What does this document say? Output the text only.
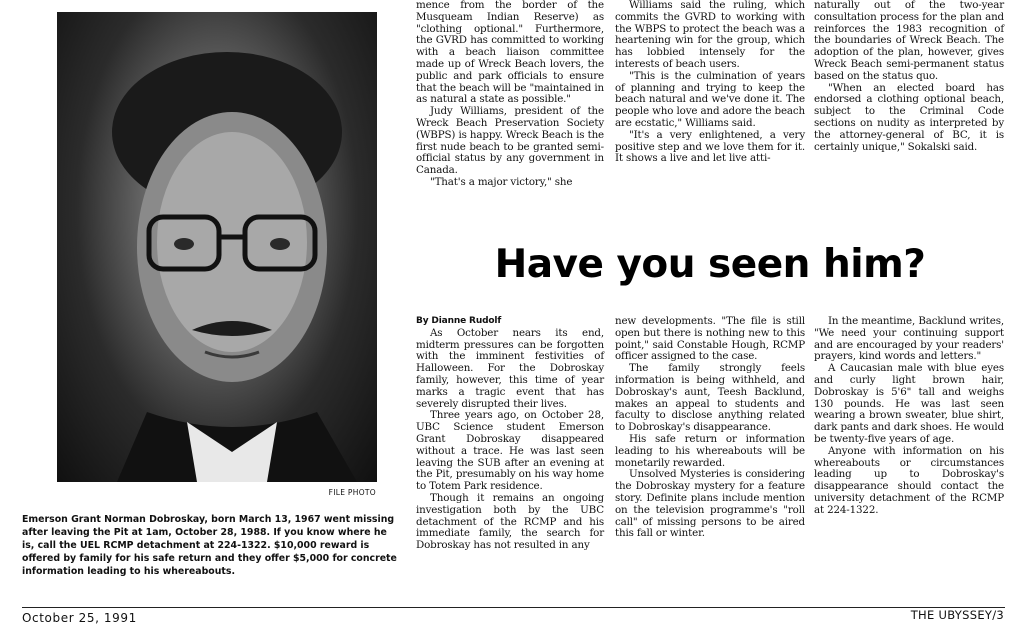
FILE PHOTO
Emerson Grant Norman Dobroskay, born March 13, 1967 went missing after leaving the Pit at 1am, October 28, 1988. If you know where he is, call the UEL RCMP detachment at 224-1322. $10,000 reward is offered by family for his safe return and they offer $5,000 for concrete information leading to his whereabouts.

mence from the border of the Musqueam Indian Reserve) as "clothing optional." Furthermore, the GVRD has committed to working with a beach liaison committee made up of Wreck Beach lovers, the public and park officials to ensure that the beach will be "maintained in as natural a state as possible."

Judy Williams, president of the Wreck Beach Preservation Society (WBPS) is happy. Wreck Beach is the first nude beach to be granted semi-official status by any government in Canada.

"That's a major victory," she

Williams said the ruling, which commits the GVRD to working with the WBPS to protect the beach was a heartening win for the group, which has lobbied intensely for the interests of beach users.

"This is the culmination of years of planning and trying to keep the beach natural and we've done it. The people who love and adore the beach are ecstatic," Williams said.

"It's a very enlightened, a very positive step and we love them for it. It shows a live and let live atti-

naturally out of the two-year consultation process for the plan and reinforces the 1983 recognition of the boundaries of Wreck Beach. The adoption of the plan, however, gives Wreck Beach semi-permanent status based on the status quo.

"When an elected board has endorsed a clothing optional beach, subject to the Criminal Code sections on nudity as interpreted by the attorney-general of BC, it is certainly unique," Sokalski said.

Have you seen him?

By Dianne Rudolf

As October nears its end, midterm pressures can be forgotten with the imminent festivities of Halloween. For the Dobroskay family, however, this time of year marks a tragic event that has severely disrupted their lives.

Three years ago, on October 28, UBC Science student Emerson Grant Dobroskay disappeared without a trace. He was last seen leaving the SUB after an evening at the Pit, presumably on his way home to Totem Park residence.

Though it remains an ongoing investigation both by the UBC detachment of the RCMP and his immediate family, the search for Dobroskay has not resulted in any

new developments. "The file is still open but there is nothing new to this point," said Constable Hough, RCMP officer assigned to the case.

The family strongly feels information is being withheld, and Dobroskay's aunt, Teesh Backlund, makes an appeal to students and faculty to disclose anything related to Dobroskay's disappearance.

His safe return or information leading to his whereabouts will be monetarily rewarded.

Unsolved Mysteries is considering the Dobroskay mystery for a feature story. Definite plans include mention on the television programme's "roll call" of missing persons to be aired this fall or winter.

In the meantime, Backlund writes, "We need your continuing support and are encouraged by your readers' prayers, kind words and letters."

A Caucasian male with blue eyes and curly light brown hair, Dobroskay is 5'6" tall and weighs 130 pounds. He was last seen wearing a brown sweater, blue shirt, dark pants and dark shoes. He would be twenty-five years of age.

Anyone with information on his whereabouts or circumstances leading up to Dobroskay's disappearance should contact the university detachment of the RCMP at 224-1322.

October 25, 1991	THE UBYSSEY/3
